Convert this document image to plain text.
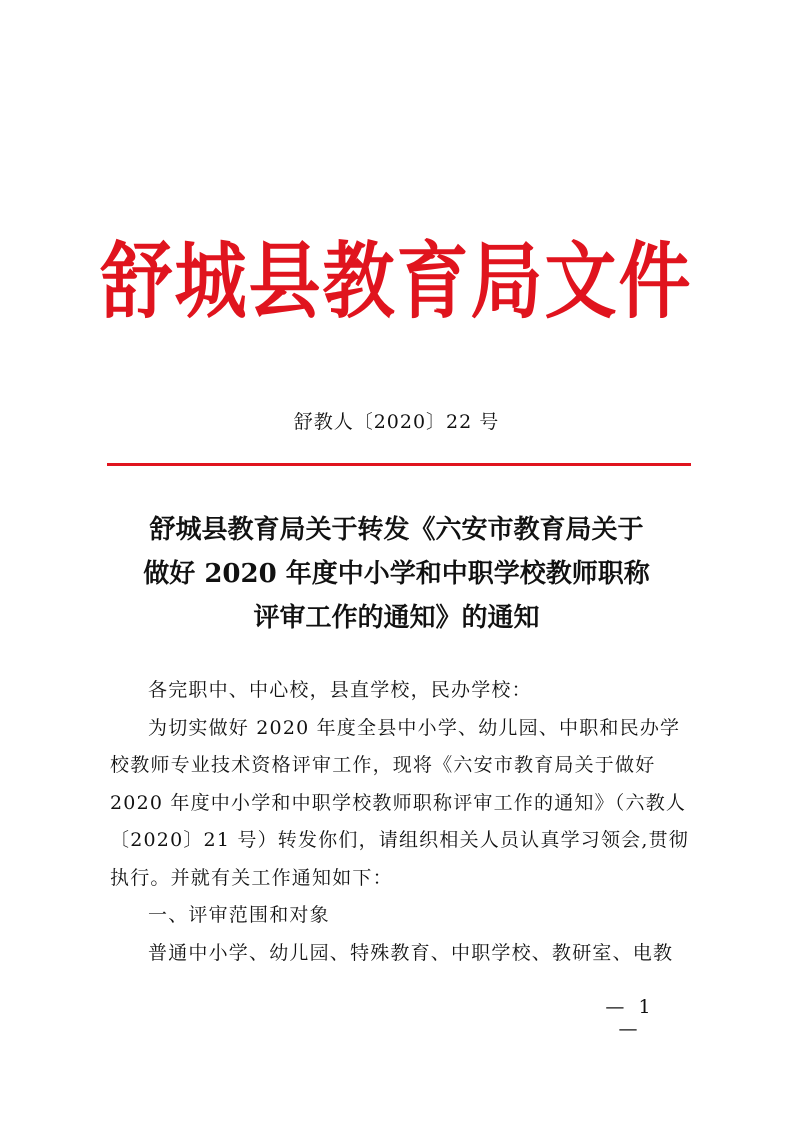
舒城县教育局文件
舒教人〔2020〕22 号
舒城县教育局关于转发《六安市教育局关于
做好 2020 年度中小学和中职学校教师职称
评审工作的通知》的通知
各完职中、中心校，县直学校，民办学校：
为切实做好 2020 年度全县中小学、幼儿园、中职和民办学
校教师专业技术资格评审工作，现将《六安市教育局关于做好
2020 年度中小学和中职学校教师职称评审工作的通知》（六教人
〔2020〕21 号）转发你们，请组织相关人员认真学习领会,贯彻
执行。并就有关工作通知如下：
一、评审范围和对象
普通中小学、幼儿园、特殊教育、中职学校、教研室、电教
— 1 —
